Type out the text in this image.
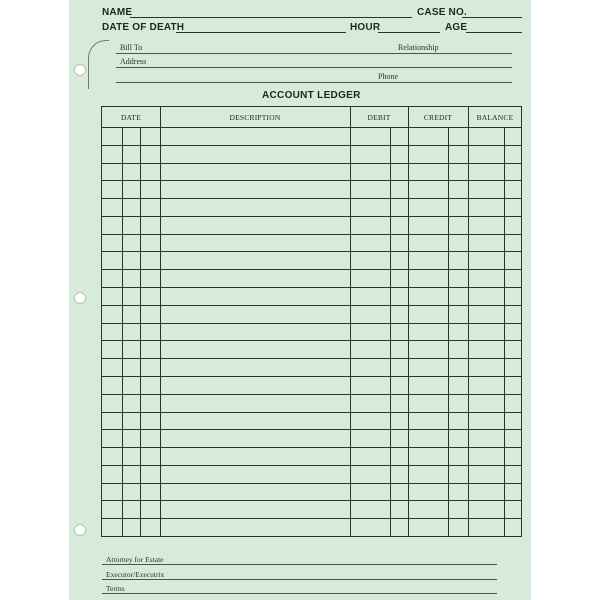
NAME	CASE NO.
DATE OF DEATH	HOUR	AGE
Bill To	Relationship
Address
Phone
ACCOUNT LEDGER
DATE	DESCRIPTION	DEBIT	CREDIT	BALANCE
Attorney for Estate
Executor/Executrix
Terms
